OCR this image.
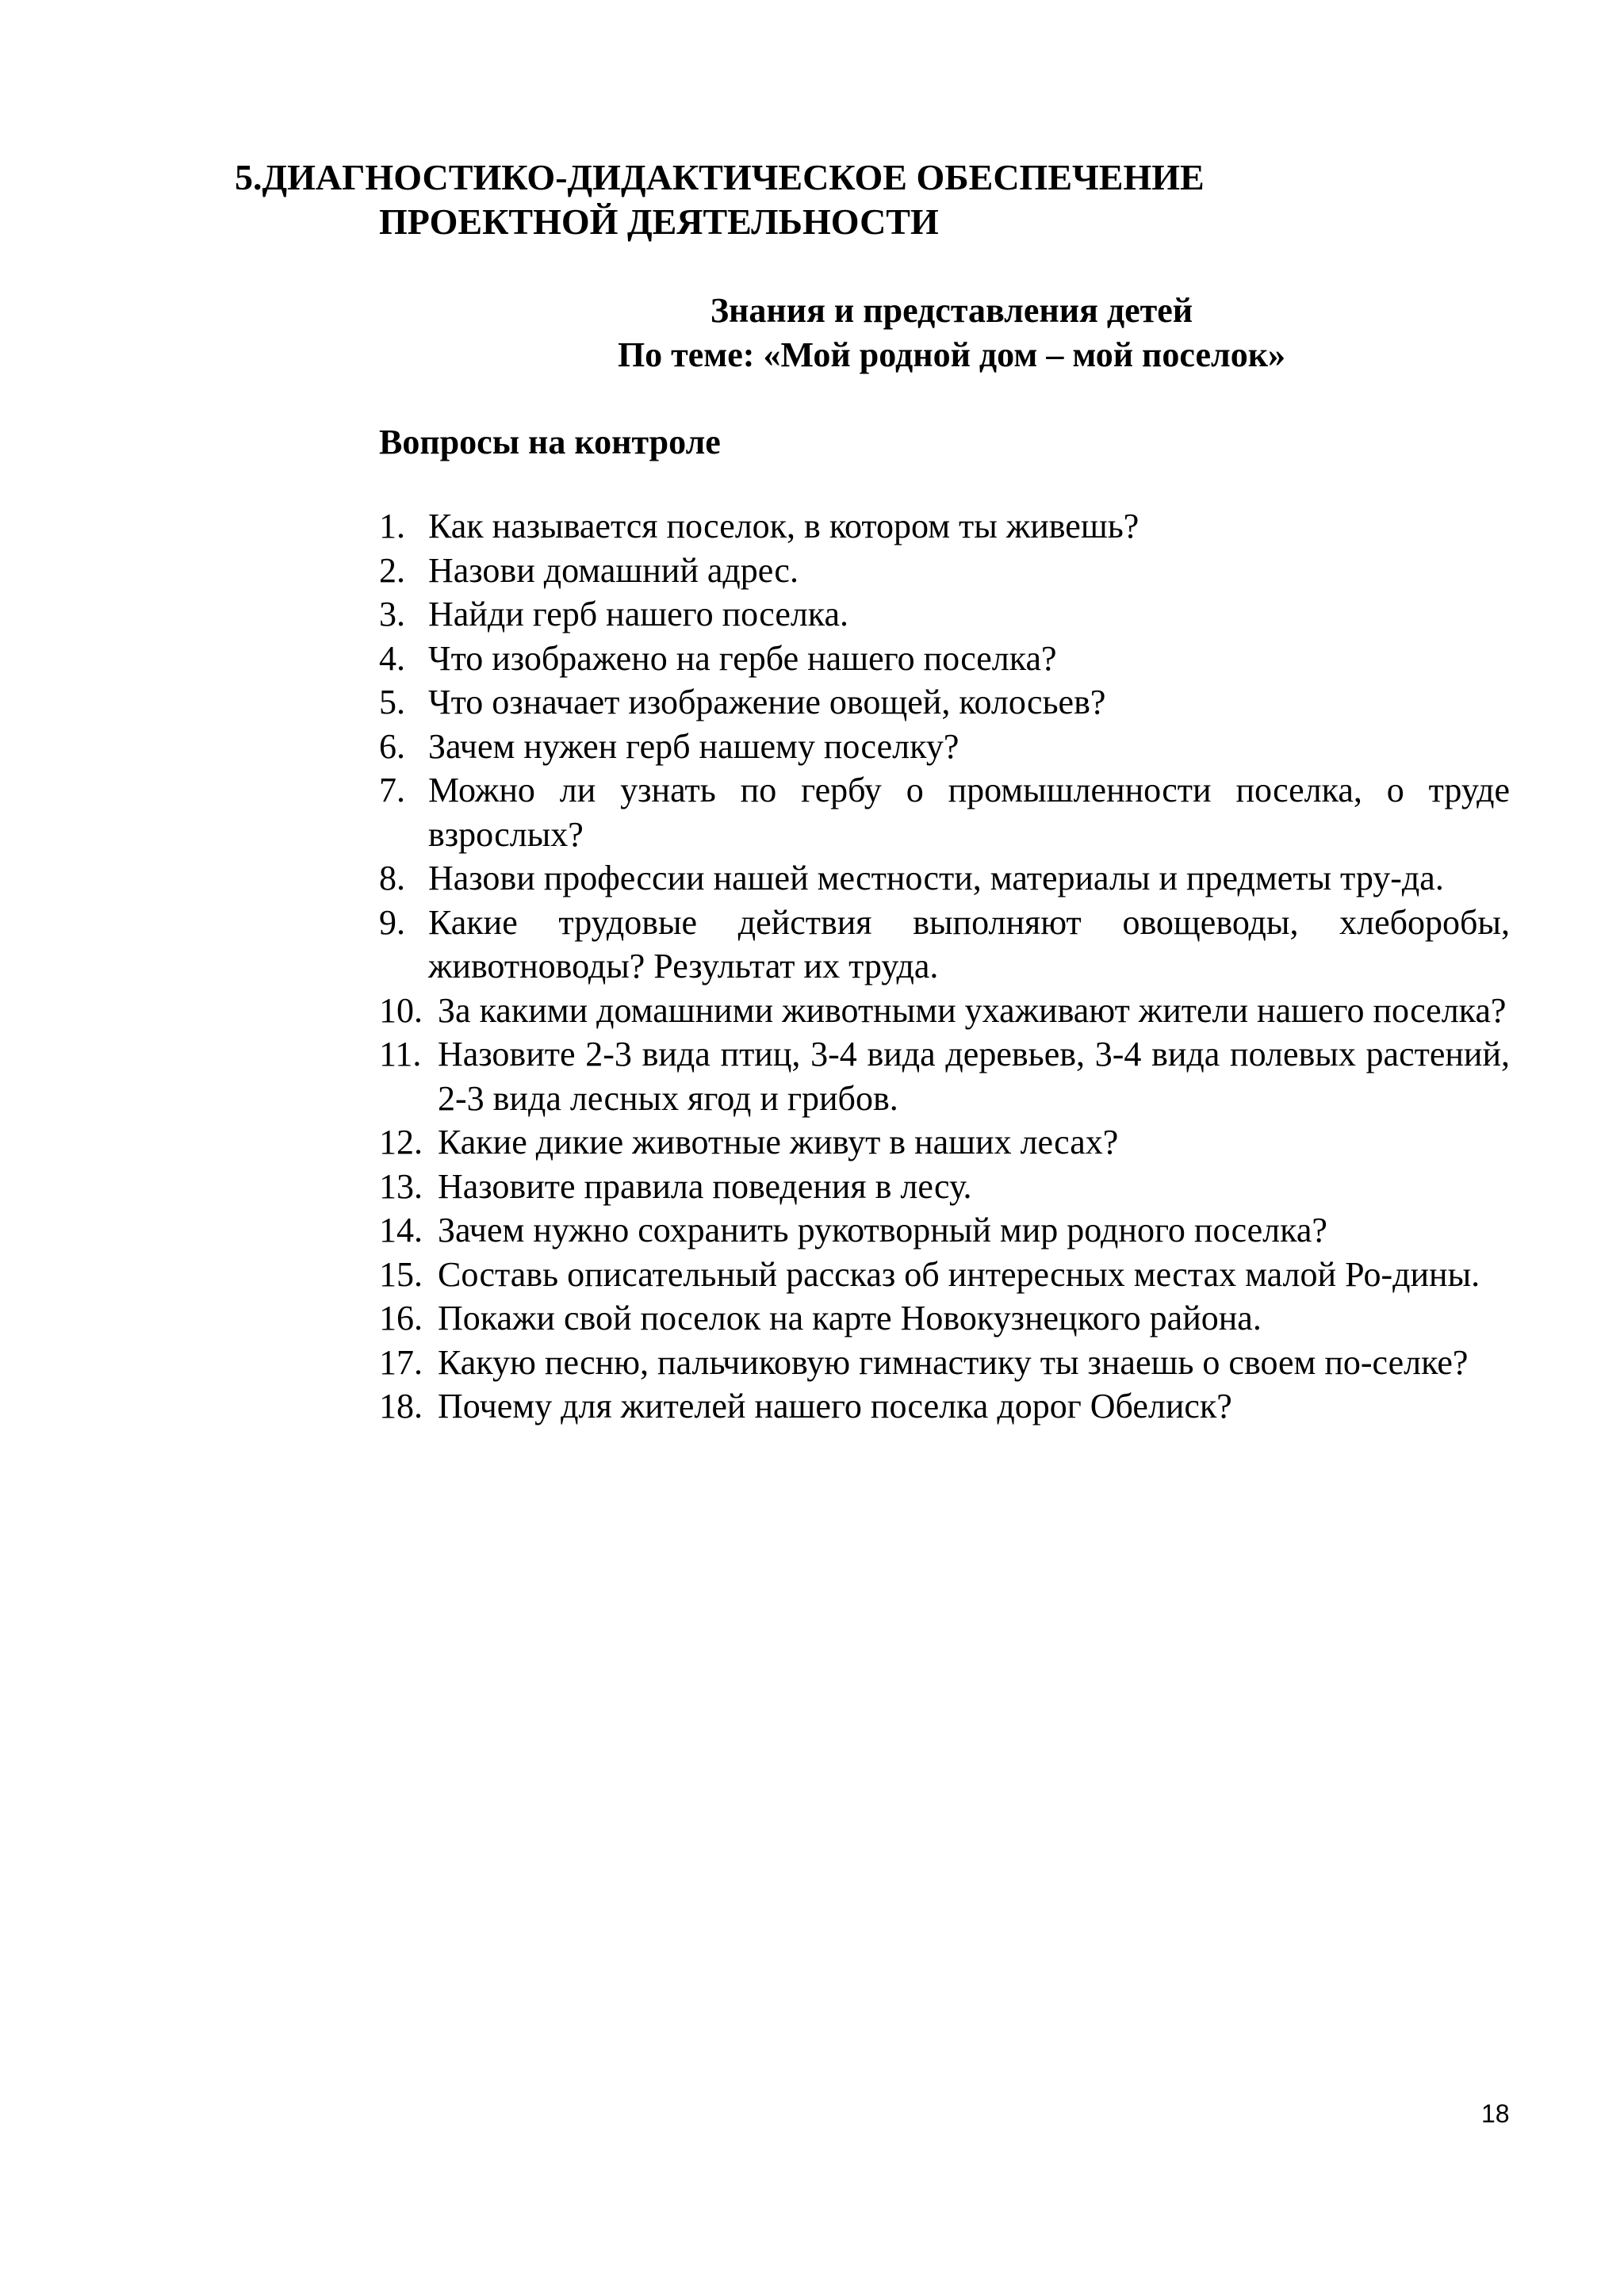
5.ДИАГНОСТИКО-ДИДАКТИЧЕСКОЕ ОБЕСПЕЧЕНИЕ
ПРОЕКТНОЙ ДЕЯТЕЛЬНОСТИ
Знания и представления детей
По теме: «Мой родной дом – мой поселок»
Вопросы на контроле
1. Как называется поселок, в котором ты живешь?
2. Назови домашний адрес.
3. Найди герб нашего поселка.
4. Что изображено на гербе нашего поселка?
5. Что означает изображение овощей, колосьев?
6. Зачем нужен герб нашему поселку?
7. Можно ли узнать по гербу о промышленности поселка, о труде взрослых?
8. Назови профессии нашей местности, материалы и предметы тру-да.
9. Какие трудовые действия выполняют овощеводы, хлеборобы, животноводы? Результат их труда.
10. За какими домашними животными ухаживают жители нашего поселка?
11. Назовите 2-3 вида птиц, 3-4 вида деревьев, 3-4 вида полевых растений, 2-3 вида лесных ягод и грибов.
12. Какие дикие животные живут в наших лесах?
13. Назовите правила поведения в лесу.
14. Зачем нужно сохранить рукотворный мир родного поселка?
15. Составь описательный рассказ об интересных местах малой Ро-дины.
16. Покажи свой поселок на карте Новокузнецкого района.
17. Какую песню, пальчиковую гимнастику ты знаешь о своем по-селке?
18. Почему для жителей нашего поселка дорог Обелиск?
18
